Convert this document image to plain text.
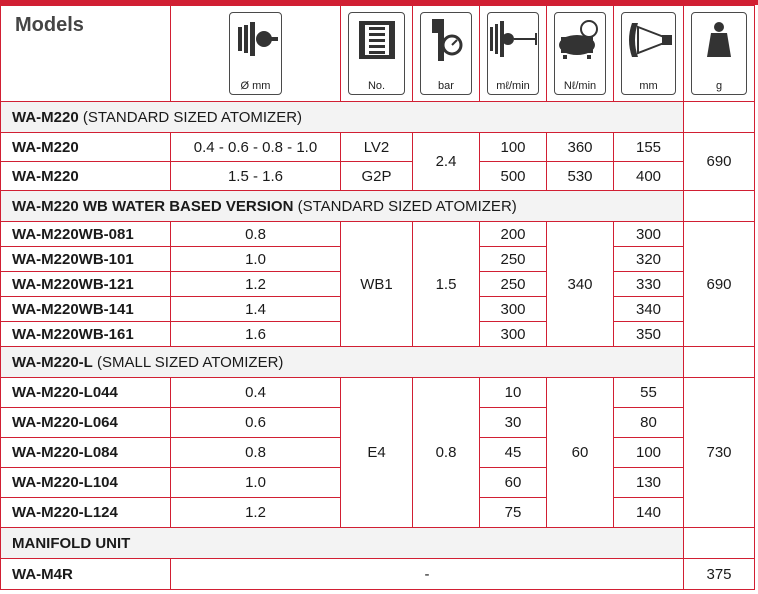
Models	Ø mm	No.	bar	mℓ/min	Nℓ/min	mm	g

WA-M220 (STANDARD SIZED ATOMIZER)							
WA-M220	0.4 - 0.6 - 0.8 - 1.0	LV2	2.4	100	360	155	690
WA-M220	1.5 - 1.6	G2P		500	530	400	
WA-M220 WB WATER BASED VERSION (STANDARD SIZED ATOMIZER)							
WA-M220WB-081	0.8	WB1	1.5	200	340	300	690
WA-M220WB-101	1.0			250		320	
WA-M220WB-121	1.2			250		330	
WA-M220WB-141	1.4			300		340	
WA-M220WB-161	1.6			300		350	
WA-M220-L (SMALL SIZED ATOMIZER)							
WA-M220-L044	0.4	E4	0.8	10	60	55	730
WA-M220-L064	0.6			30		80	
WA-M220-L084	0.8			45		100	
WA-M220-L104	1.0			60		130	
WA-M220-L124	1.2			75		140	
MANIFOLD UNIT							
WA-M4R	-						375
